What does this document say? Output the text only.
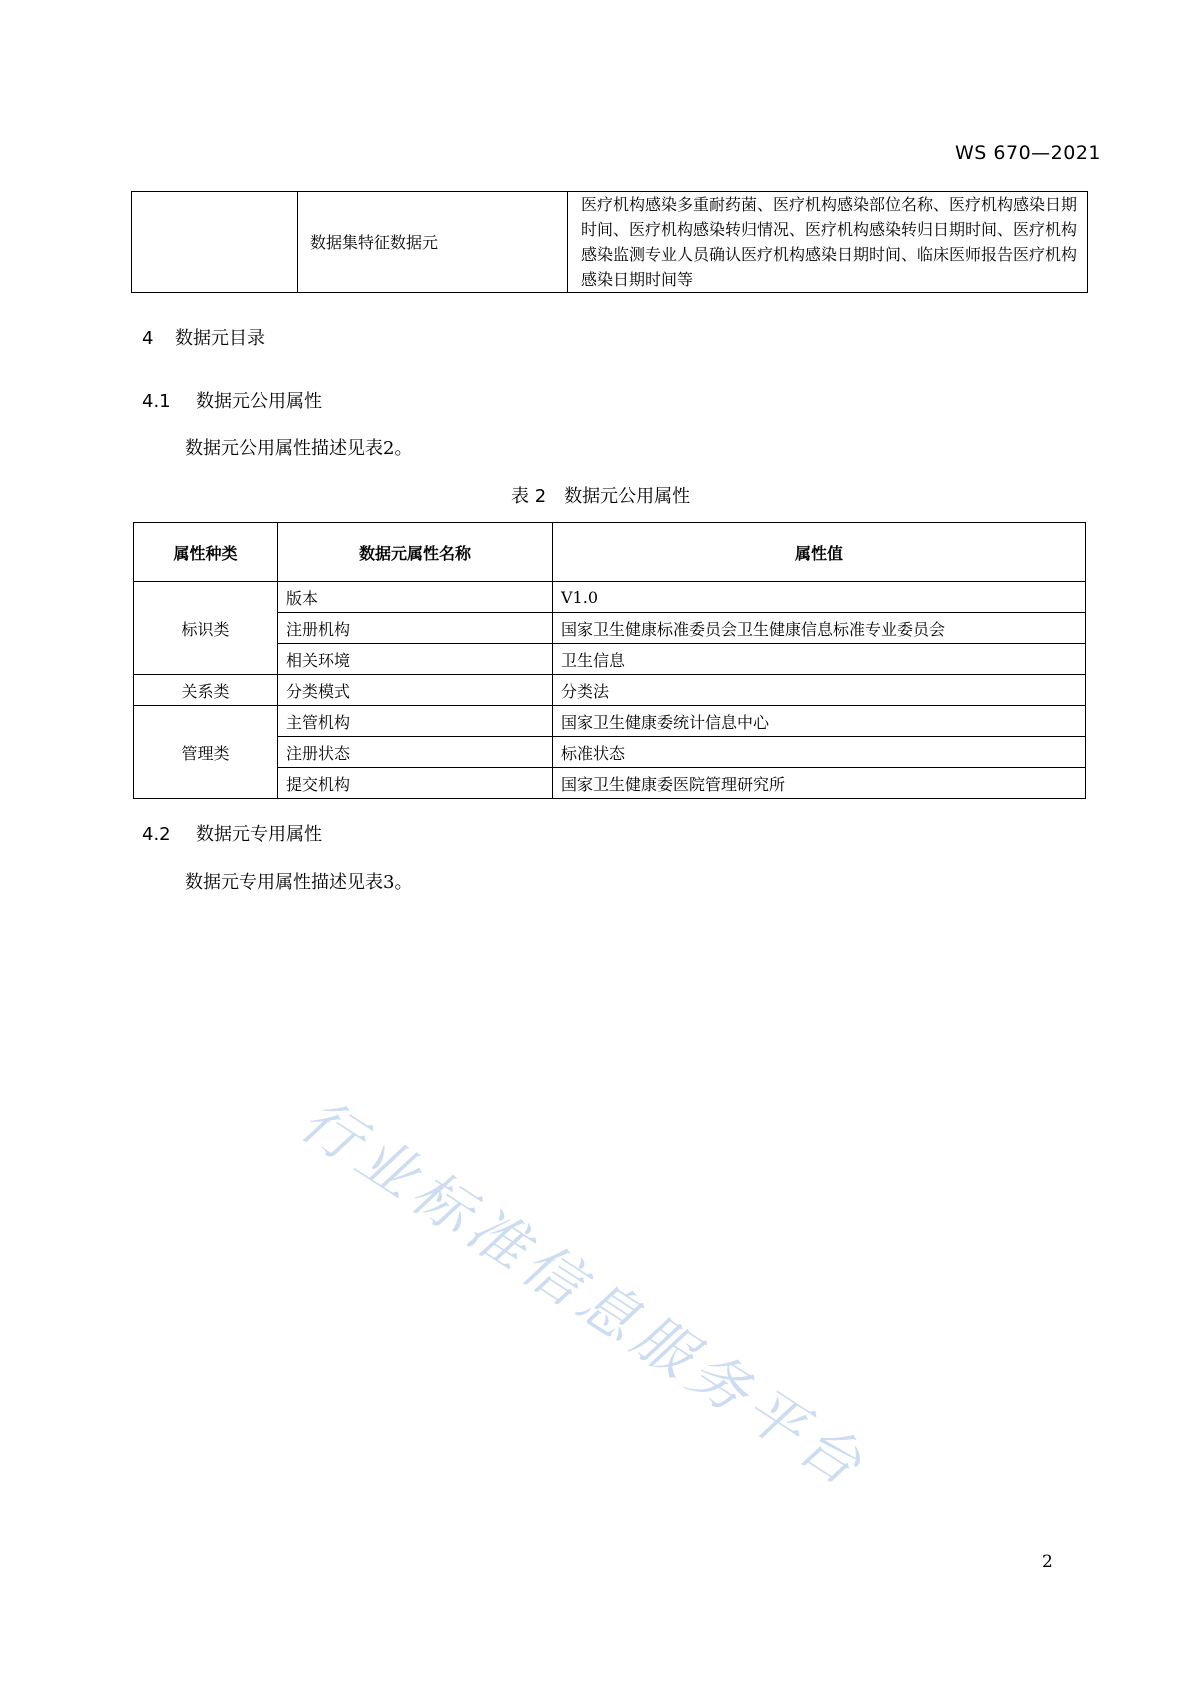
WS 670—2021
	数据集特征数据元	医疗机构感染多重耐药菌、医疗机构感染部位名称、医疗机构感染日期时间、医疗机构感染转归情况、医疗机构感染转归日期时间、医疗机构感染监测专业人员确认医疗机构感染日期时间、临床医师报告医疗机构感染日期时间等
4 数据元目录
4.1 数据元公用属性
数据元公用属性描述见表2。
表 2　数据元公用属性
属性种类	数据元属性名称	属性值
标识类	版本	V1.0
	注册机构	国家卫生健康标准委员会卫生健康信息标准专业委员会
	相关环境	卫生信息
关系类	分类模式	分类法
管理类	主管机构	国家卫生健康委统计信息中心
	注册状态	标准状态
	提交机构	国家卫生健康委医院管理研究所
4.2 数据元专用属性
数据元专用属性描述见表3。
行业标准信息服务平台
2
